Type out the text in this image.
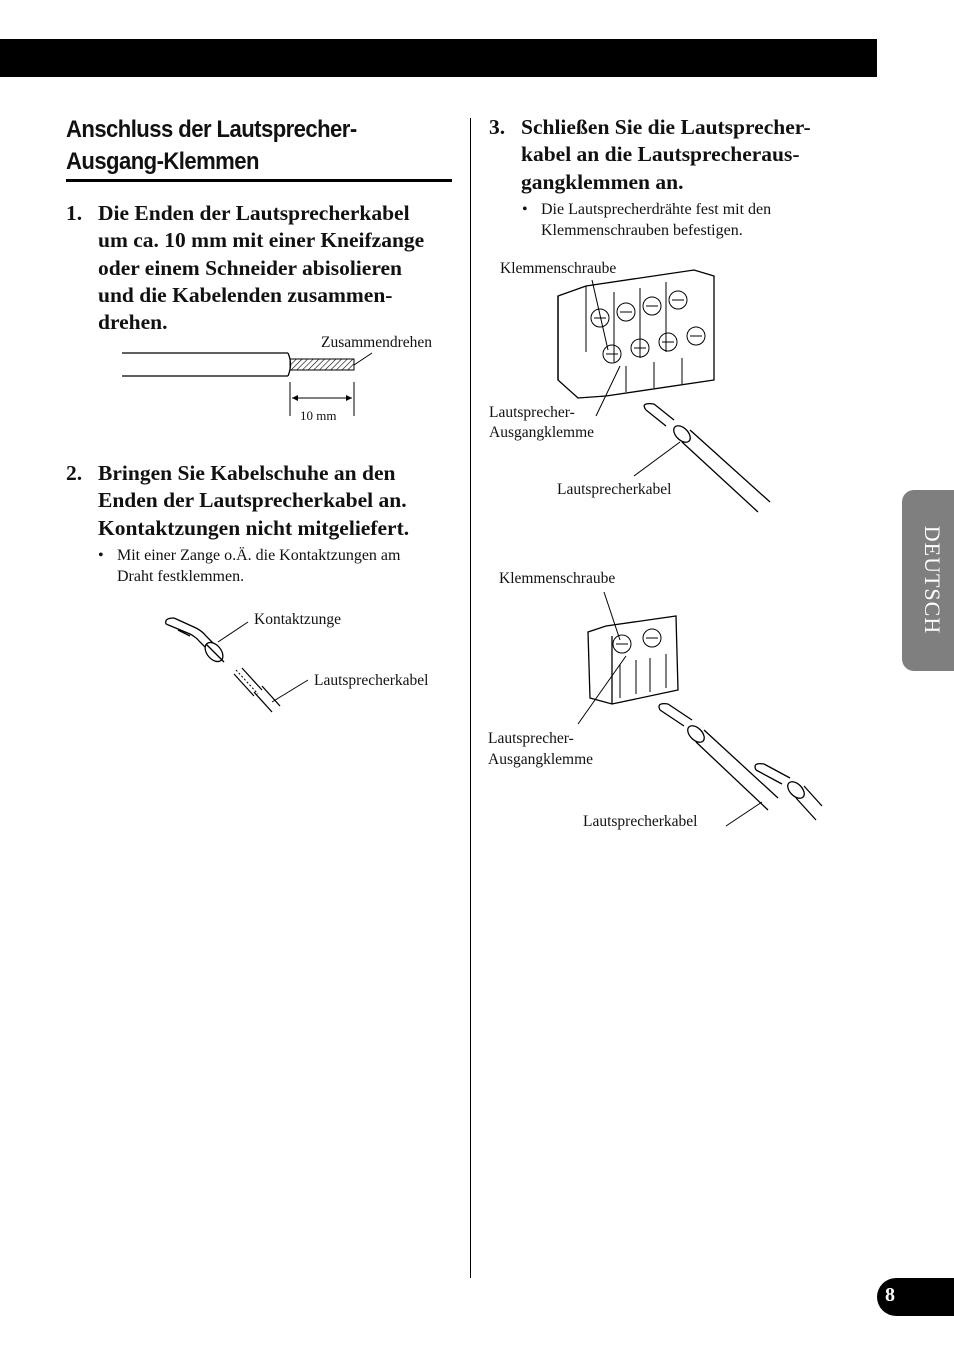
Anschluss der Lautsprecher-
Ausgang-Klemmen
1. Die Enden der Lautsprecherkabel
um ca. 10 mm mit einer Kneifzange
oder einem Schneider abisolieren
und die Kabelenden zusammen-
drehen.
Zusammendrehen
10 mm
2. Bringen Sie Kabelschuhe an den
Enden der Lautsprecherkabel an.
Kontaktzungen nicht mitgeliefert.
• Mit einer Zange o.Ä. die Kontaktzungen am
Draht festklemmen.
Kontaktzunge
Lautsprecherkabel
3. Schließen Sie die Lautsprecher-
kabel an die Lautsprecheraus-
gangklemmen an.
• Die Lautsprecherdrähte fest mit den
Klemmenschrauben befestigen.
Klemmenschraube
Lautsprecher-
Ausgangklemme
Lautsprecherkabel
Klemmenschraube
Lautsprecher-
Ausgangklemme
Lautsprecherkabel
DEUTSCH
8
